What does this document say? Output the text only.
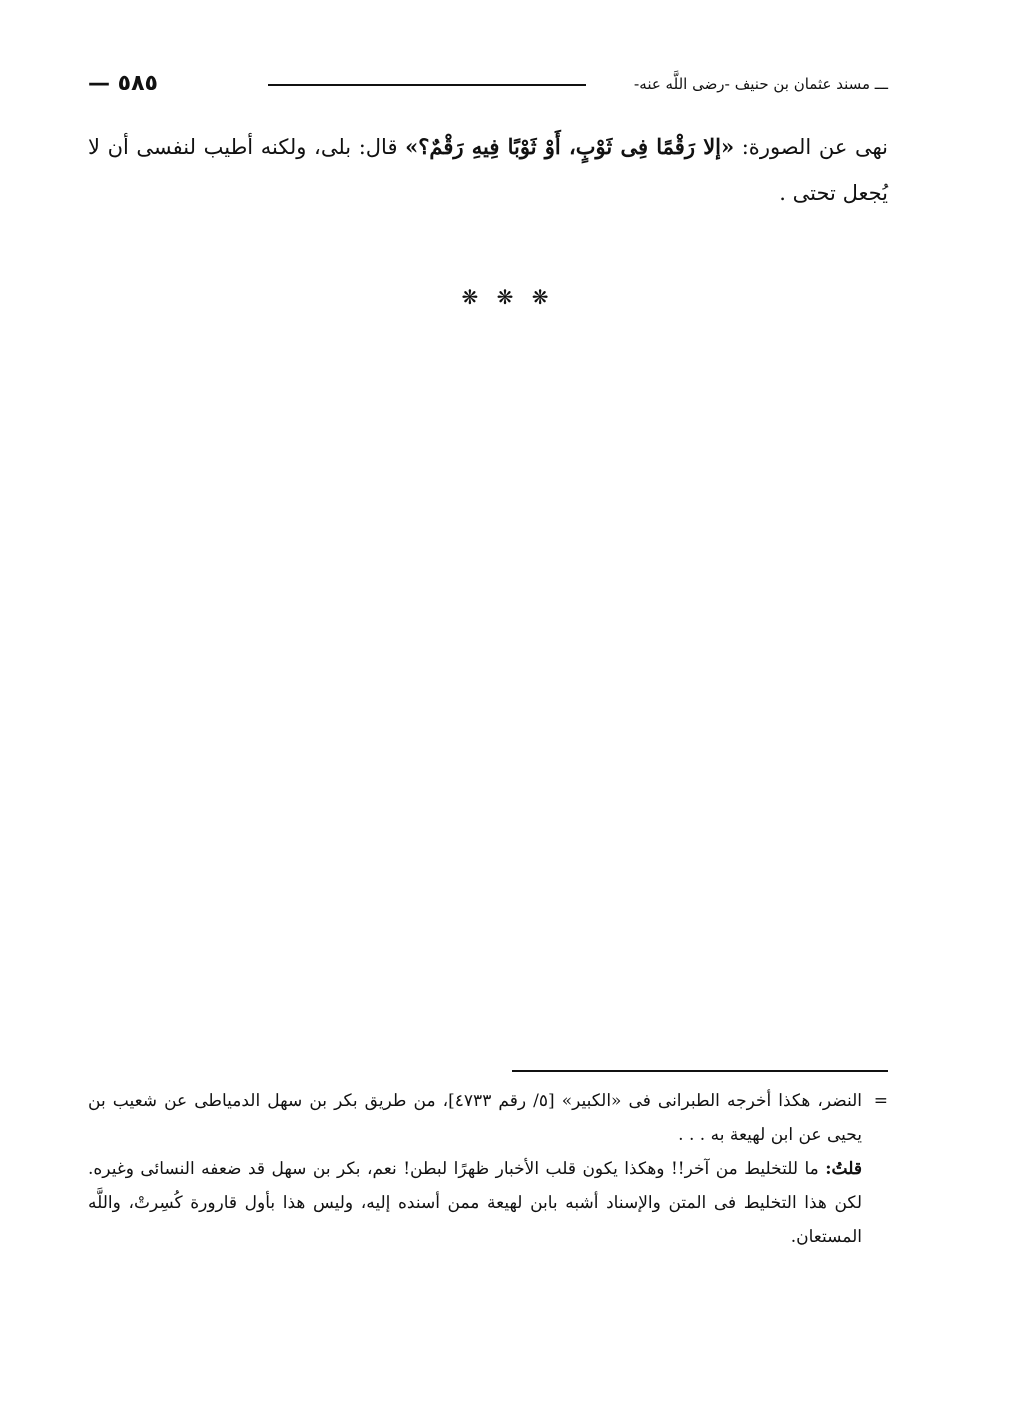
— ٥٨٥	ـــ مسند عثمان بن حنيف -رضى اللَّه عنه-
نهى عن الصورة: «إلا رَقْمًا فِى ثَوْبٍ، أَوْ ثَوْبًا فِيهِ رَقْمٌ؟» قال: بلى، ولكنه أطيب لنفسى أن لا يُجعل تحتى .
❋ ❋ ❋

=النضر، هكذا أخرجه الطبرانى فى «الكبير» [٥/ رقم ٤٧٣٣]، من طريق بكر بن سهل الدمياطى عن شعيب بن يحيى عن ابن لهيعة به . . .

قلتُ: ما للتخليط من آخر!! وهكذا يكون قلب الأخبار ظهرًا لبطن! نعم، بكر بن سهل قد ضعفه النسائى وغيره. لكن هذا التخليط فى المتن والإسناد أشبه بابن لهيعة ممن أسنده إليه، وليس هذا بأول قارورة كُسِرتْ، واللَّه المستعان.
